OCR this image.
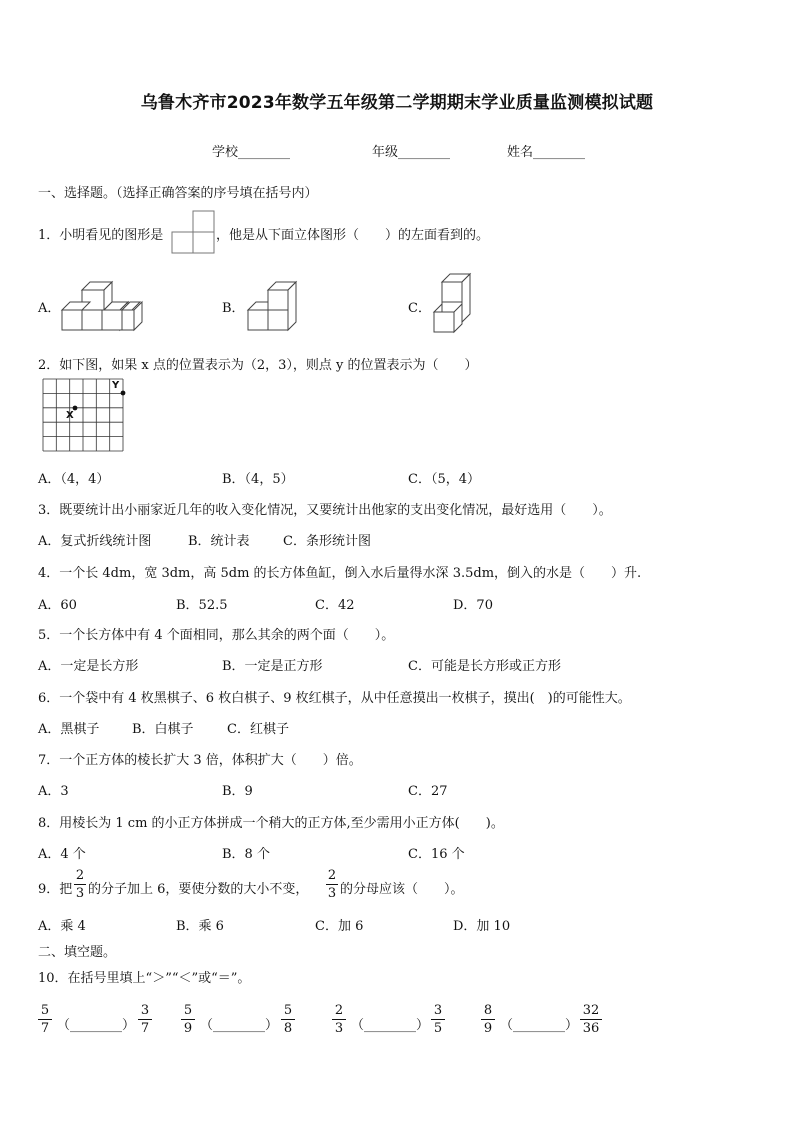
乌鲁木齐市2023年数学五年级第二学期期末学业质量监测模拟试题
学校________	年级________	姓名________
一、选择题。（选择正确答案的序号填在括号内）
1．小明看见的图形是	，他是从下面立体图形（　　）的左面看到的。
A．	B．	C．
2．如下图，如果 x 点的位置表示为（2，3），则点 y 的位置表示为（　　）
X
Y
A．（4，4）	B．（4，5）	C．（5，4）
3．既要统计出小丽家近几年的收入变化情况，又要统计出他家的支出变化情况，最好选用（　　）。
A．复式折线统计图	B．统计表	C．条形统计图
4．一个长 4dm，宽 3dm，高 5dm 的长方体鱼缸，倒入水后量得水深 3.5dm，倒入的水是（　　）升.
A．60	B．52.5	C．42	D．70
5．一个长方体中有 4 个面相同，那么其余的两个面（　　）。
A．一定是长方形	B．一定是正方形	C．可能是长方形或正方形
6．一个袋中有 4 枚黑棋子、6 枚白棋子、9 枚红棋子，从中任意摸出一枚棋子，摸出(　)的可能性大。
A．黑棋子	B．白棋子	C．红棋子
7．一个正方体的棱长扩大 3 倍，体积扩大（　　）倍。
A．3	B．9	C．27
8．用棱长为 1 cm 的小正方体拼成一个稍大的正方体,至少需用小正方体(　　)。
A．4 个	B．8 个	C．16 个
9．把
2
3 的分子加上 6，要使分数的大小不变，
2
3 的分母应该（　　）。
A．乘 4	B．乘 6	C．加 6	D．加 10
二、填空题。
10．在括号里填上“＞”“＜”或“＝”。
5
7 （________）
3
7
5
9 （________）
5
8
2
3 （________）
3
5
8
9 （________）
32
36
